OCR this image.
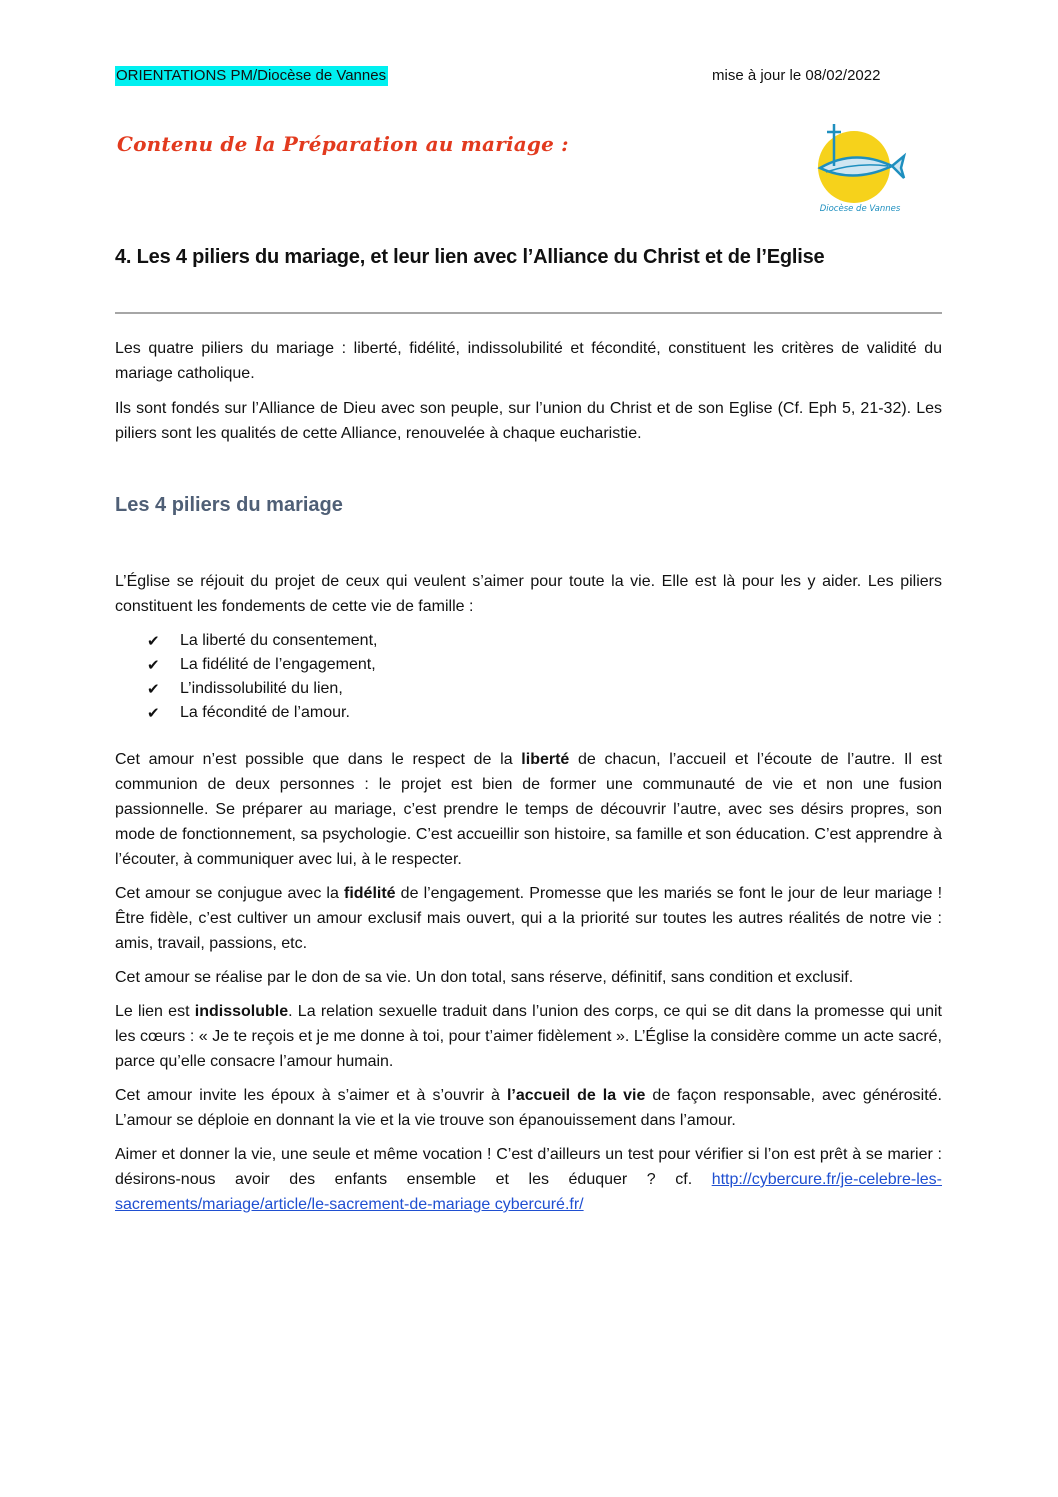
ORIENTATIONS PM/Diocèse de Vannes	mise à jour le 08/02/2022
Contenu de la Préparation au mariage :
Diocèse de Vannes
4. Les 4 piliers du mariage, et leur lien avec l’Alliance du Christ et de l’Eglise

Les quatre piliers du mariage : liberté, fidélité, indissolubilité et fécondité, constituent les critères de validité du mariage catholique.

Ils sont fondés sur l’Alliance de Dieu avec son peuple, sur l’union du Christ et de son Eglise (Cf. Eph 5, 21-32). Les piliers sont les qualités de cette Alliance, renouvelée à chaque eucharistie.

Les 4 piliers du mariage

L’Église se réjouit du projet de ceux qui veulent s’aimer pour toute la vie. Elle est là pour les y aider. Les piliers constituent les fondements de cette vie de famille :

✔ La liberté du consentement,
✔ La fidélité de l’engagement,
✔ L’indissolubilité du lien,
✔ La fécondité de l’amour.

Cet amour n’est possible que dans le respect de la liberté de chacun, l’accueil et l’écoute de l’autre. Il est communion de deux personnes : le projet est bien de former une communauté de vie et non une fusion passionnelle. Se préparer au mariage, c’est prendre le temps de découvrir l’autre, avec ses désirs propres, son mode de fonctionnement, sa psychologie. C’est accueillir son histoire, sa famille et son éducation. C’est apprendre à l’écouter, à communiquer avec lui, à le respecter.

Cet amour se conjugue avec la fidélité de l’engagement. Promesse que les mariés se font le jour de leur mariage ! Être fidèle, c’est cultiver un amour exclusif mais ouvert, qui a la priorité sur toutes les autres réalités de notre vie : amis, travail, passions, etc.

Cet amour se réalise par le don de sa vie. Un don total, sans réserve, définitif, sans condition et exclusif.

Le lien est indissoluble. La relation sexuelle traduit dans l’union des corps, ce qui se dit dans la promesse qui unit les cœurs : « Je te reçois et je me donne à toi, pour t’aimer fidèlement ». L’Église la considère comme un acte sacré, parce qu’elle consacre l’amour humain.

Cet amour invite les époux à s’aimer et à s’ouvrir à l’accueil de la vie de façon responsable, avec générosité. L’amour se déploie en donnant la vie et la vie trouve son épanouissement dans l’amour.

Aimer et donner la vie, une seule et même vocation ! C’est d’ailleurs un test pour vérifier si l’on est prêt à se marier : désirons-nous avoir des enfants ensemble et les éduquer ? cf. http://cybercure.fr/je-celebre-les-sacrements/mariage/article/le-sacrement-de-mariage cybercuré.fr/
